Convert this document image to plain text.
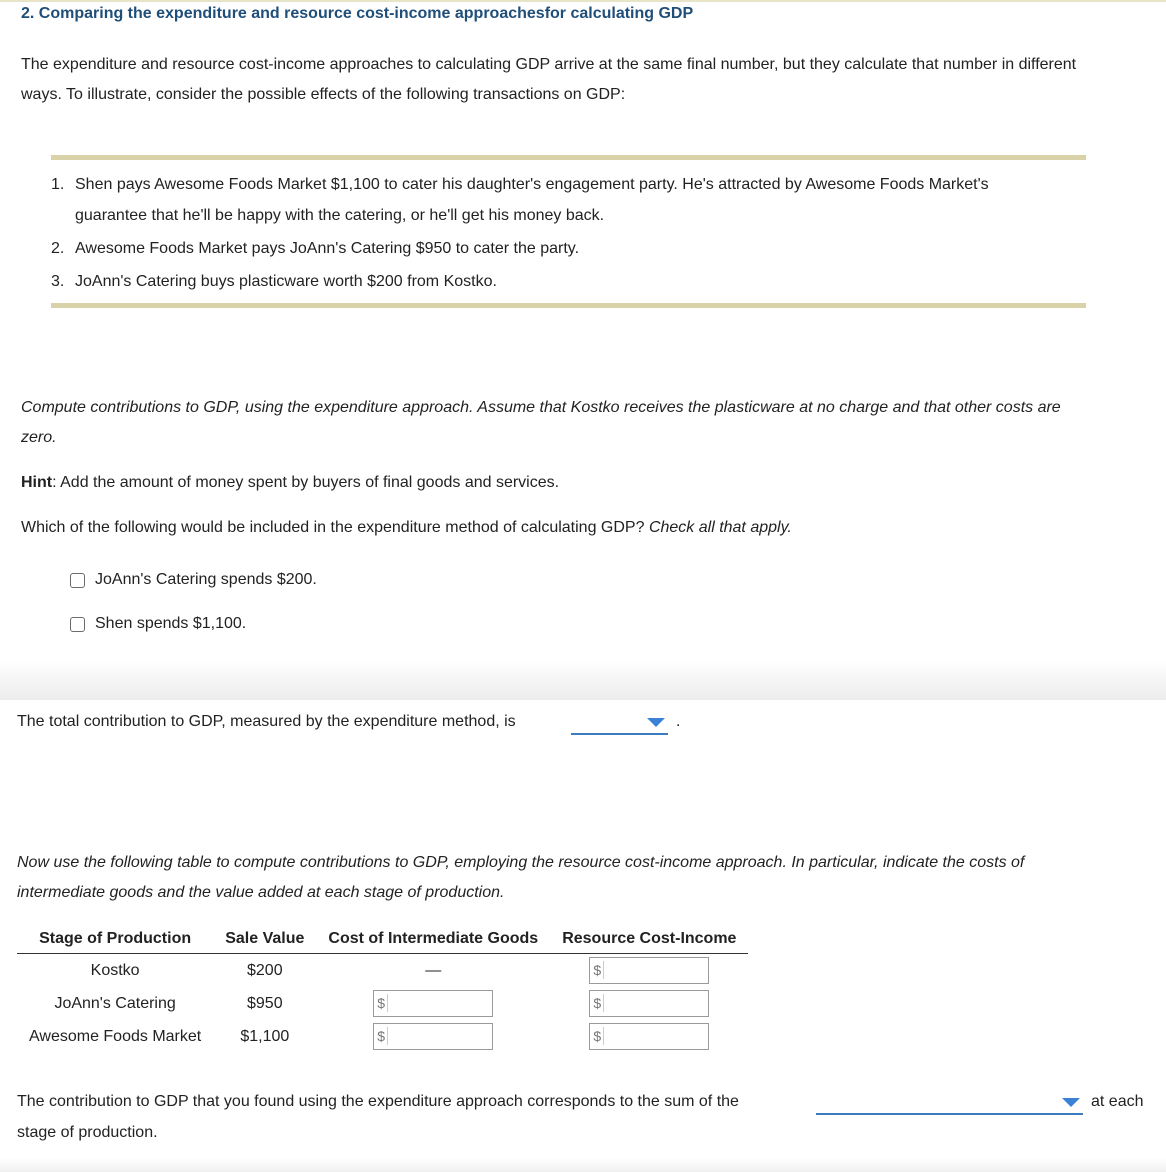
2. Comparing the expenditure and resource cost-income approachesfor calculating GDP
The expenditure and resource cost-income approaches to calculating GDP arrive at the same final number, but they calculate that number in different
ways. To illustrate, consider the possible effects of the following transactions on GDP:
1. Shen pays Awesome Foods Market $1,100 to cater his daughter's engagement party. He's attracted by Awesome Foods Market's
guarantee that he'll be happy with the catering, or he'll get his money back.
2. Awesome Foods Market pays JoAnn's Catering $950 to cater the party.
3. JoAnn's Catering buys plasticware worth $200 from Kostko.
Compute contributions to GDP, using the expenditure approach. Assume that Kostko receives the plasticware at no charge and that other costs are
zero.
Hint: Add the amount of money spent by buyers of final goods and services.
Which of the following would be included in the expenditure method of calculating GDP? Check all that apply.
JoAnn's Catering spends $200.
Shen spends $1,100.
The total contribution to GDP, measured by the expenditure method, is	.
Now use the following table to compute contributions to GDP, employing the resource cost-income approach. In particular, indicate the costs of
intermediate goods and the value added at each stage of production.
Stage of Production	Sale Value	Cost of Intermediate Goods	Resource Cost-Income
Kostko	$200	—	$

JoAnn's Catering	$950	$	$

Awesome Foods Market	$1,100	$	$
The contribution to GDP that you found using the expenditure approach corresponds to the sum of the	at each
stage of production.
